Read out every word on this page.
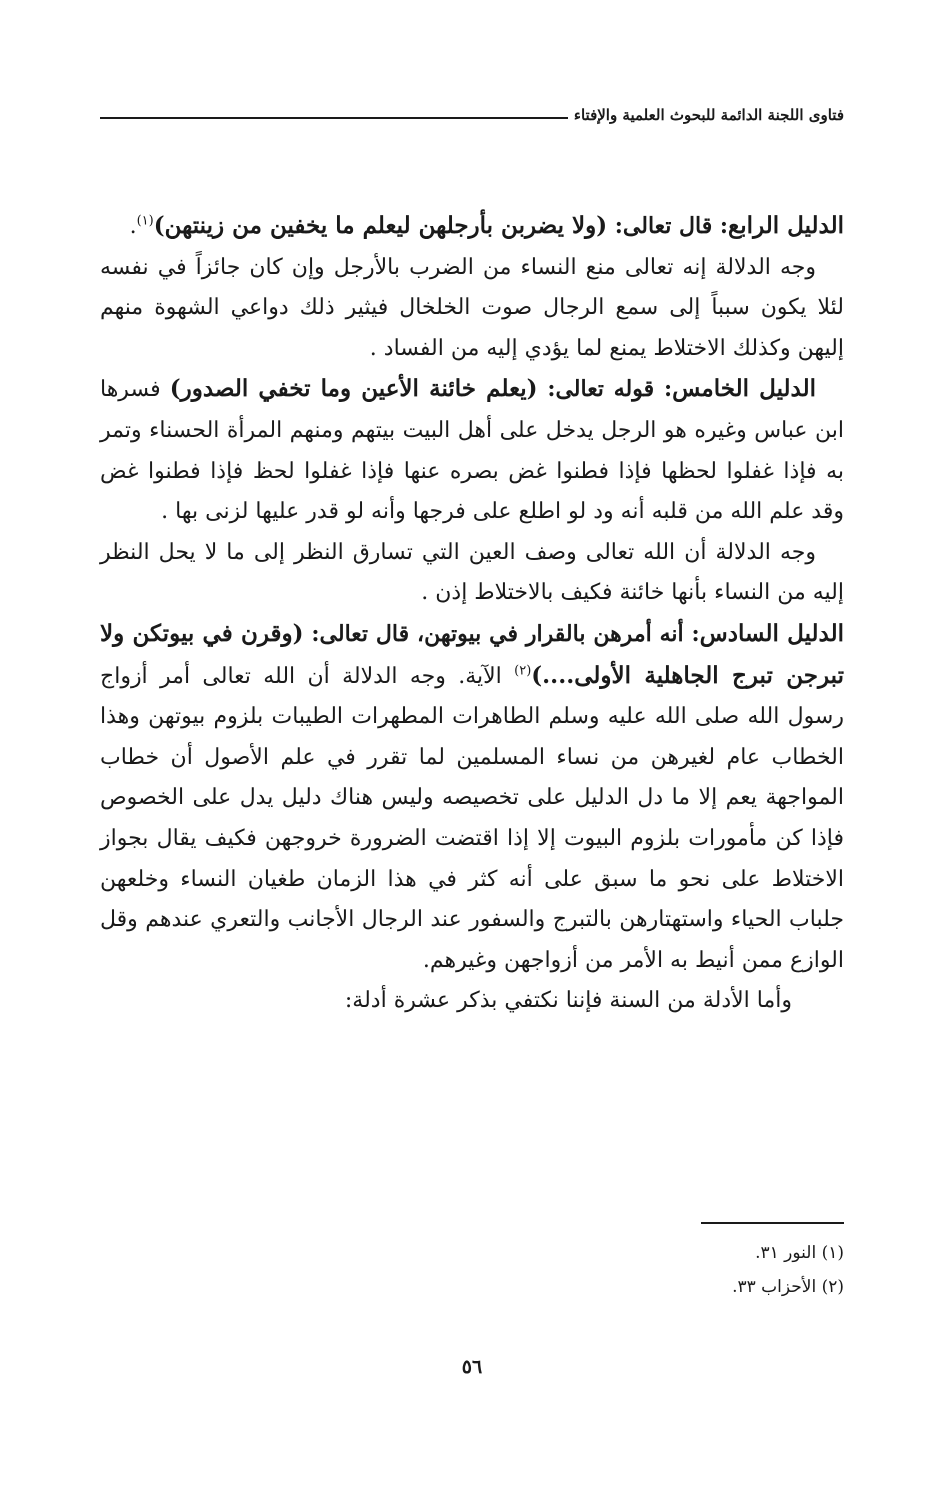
فتاوى اللجنة الدائمة للبحوث العلمية والإفتاء

الدليل الرابع: قال تعالى: (ولا يضربن بأرجلهن ليعلم ما يخفين من زينتهن)$^{(١)}$.

وجه الدلالة إنه تعالى منع النساء من الضرب بالأرجل وإن كان جائزاً في نفسه لئلا يكون سبباً إلى سمع الرجال صوت الخلخال فيثير ذلك دواعي الشهوة منهم إليهن وكذلك الاختلاط يمنع لما يؤدي إليه من الفساد .

الدليل الخامس: قوله تعالى: (يعلم خائنة الأعين وما تخفي الصدور) فسرها ابن عباس وغيره هو الرجل يدخل على أهل البيت بيتهم ومنهم المرأة الحسناء وتمر به فإذا غفلوا لحظها فإذا فطنوا غض بصره عنها فإذا غفلوا لحظ فإذا فطنوا غض وقد علم الله من قلبه أنه ود لو اطلع على فرجها وأنه لو قدر عليها لزنى بها .

وجه الدلالة أن الله تعالى وصف العين التي تسارق النظر إلى ما لا يحل النظر إليه من النساء بأنها خائنة فكيف بالاختلاط إذن .

الدليل السادس: أنه أمرهن بالقرار في بيوتهن، قال تعالى: (وقرن في بيوتكن ولا تبرجن تبرج الجاهلية الأولى....)$^{(٢)}$ الآية. وجه الدلالة أن الله تعالى أمر أزواج رسول الله صلى الله عليه وسلم الطاهرات المطهرات الطيبات بلزوم بيوتهن وهذا الخطاب عام لغيرهن من نساء المسلمين لما تقرر في علم الأصول أن خطاب المواجهة يعم إلا ما دل الدليل على تخصيصه وليس هناك دليل يدل على الخصوص فإذا كن مأمورات بلزوم البيوت إلا إذا اقتضت الضرورة خروجهن فكيف يقال بجواز الاختلاط على نحو ما سبق على أنه كثر في هذا الزمان طغيان النساء وخلعهن جلباب الحياء واستهتارهن بالتبرج والسفور عند الرجال الأجانب والتعري عندهم وقل الوازع ممن أنيط به الأمر من أزواجهن وغيرهم.

وأما الأدلة من السنة فإننا نكتفي بذكر عشرة أدلة:

(١) النور ٣١.
(٢) الأحزاب ٣٣.
٥٦
